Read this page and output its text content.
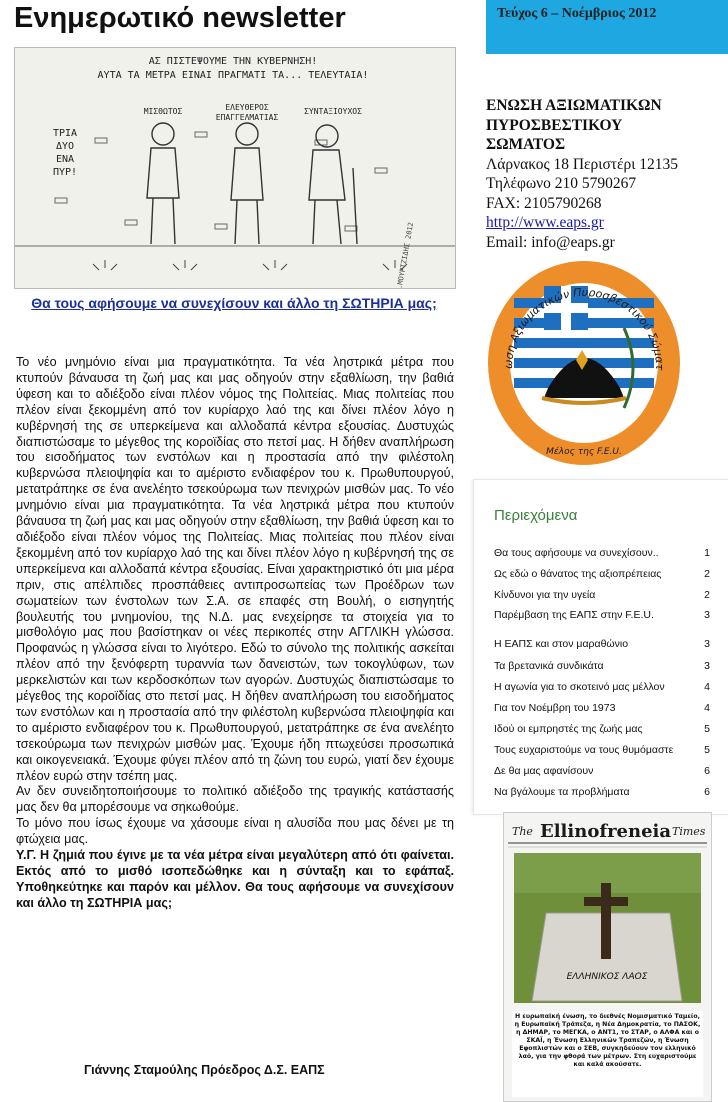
Ενημερωτικό newsletter	Τεύχος 6 – Νοέμβριος 2012
ΑΣ ΠΙΣΤΕΨΟΥΜΕ ΤΗΝ ΚΥΒΕΡΝΗΣΗ!
ΑΥΤΑ ΤΑ ΜΕΤΡΑ ΕΙΝΑΙ ΠΡΑΓΜΑΤΙ ΤΑ... ΤΕΛΕΥΤΑΙΑ!
ΜΙΣΘΩΤΟΣ	ΕΛΕΥΘΕΡΟΣ
ΕΠΑΓΓΕΛΜΑΤΙΑΣ
ΣΥΝΤΑΞΙΟΥΧΟΣ
ΤΡΙΑ
ΔΥΟ
ΕΝΑ
ΠΥΡ!
Σ.ΜΟΥΡΤΖΙΔΗΣ 2012
Θα τους αφήσουμε να συνεχίσουν και άλλο τη ΣΩΤΗΡΙΑ μας;

Το νέο μνημόνιο είναι μια πραγματικότητα. Τα νέα ληστρικά μέτρα που κτυπούν βάναυσα τη ζωή μας και μας οδηγούν στην εξαθλίωση, την βαθιά ύφεση και το αδιέξοδο είναι πλέον νόμος της Πολιτείας. Μιας πολιτείας που πλέον είναι ξεκομμένη από τον κυρίαρχο λαό της και δίνει πλέον λόγο η κυβέρνησή της σε υπερκείμενα και αλλοδαπά κέντρα εξουσίας. Δυστυχώς διαπιστώσαμε το μέγεθος της κοροϊδίας στο πετσί μας. Η δήθεν αναπλήρωση του εισοδήματος των ενστόλων και η προστασία από την φιλέστολη κυβερνώσα πλειοψηφία και το αμέριστο ενδιαφέρον του κ. Πρωθυπουργού, μετατράπηκε σε ένα ανελέητο τσεκούρωμα των πενιχρών μισθών μας. Το νέο μνημόνιο είναι μια πραγματικότητα. Τα νέα ληστρικά μέτρα που κτυπούν βάναυσα τη ζωή μας και μας οδηγούν στην εξαθλίωση, την βαθιά ύφεση και το αδιέξοδο είναι πλέον νόμος της Πολιτείας. Μιας πολιτείας που πλέον είναι ξεκομμένη από τον κυρίαρχο λαό της και δίνει πλέον λόγο η κυβέρνησή της σε υπερκείμενα και αλλοδαπά κέντρα εξουσίας. Είναι χαρακτηριστικό ότι μια μέρα πριν, στις απέλπιδες προσπάθειες αντιπροσωπείας των Προέδρων των σωματείων των ένστολων των Σ.Α. σε επαφές στη Βουλή, ο εισηγητής βουλευτής του μνημονίου, της Ν.Δ. μας ενεχείρησε τα στοιχεία για το μισθολόγιο μας που βασίστηκαν οι νέες περικοπές στην ΑΓΓΛΙΚΗ γλώσσα. Προφανώς η γλώσσα είναι το λιγότερο. Εδώ το σύνολο της πολιτικής ασκείται πλέον από την ξενόφερτη τυραννία των δανειστών, των τοκογλύφων, των μερκελιστών και των κερδοσκόπων των αγορών. Δυστυχώς διαπιστώσαμε το μέγεθος της κοροϊδίας στο πετσί μας. Η δήθεν αναπλήρωση του εισοδήματος των ενστόλων και η προστασία από την φιλέστολη κυβερνώσα πλειοψηφία και το αμέριστο ενδιαφέρον του κ. Πρωθυπουργού, μετατράπηκε σε ένα ανελέητο τσεκούρωμα των πενιχρών μισθών μας. Έχουμε ήδη πτωχεύσει προσωπικά και οικογενειακά. Έχουμε φύγει πλέον από τη ζώνη του ευρώ, γιατί δεν έχουμε πλέον ευρώ στην τσέπη μας.

Αν δεν συνειδητοποιήσουμε το πολιτικό αδιέξοδο της τραγικής κατάστασής μας δεν θα μπορέσουμε να σηκωθούμε.

Το μόνο που ίσως έχουμε να χάσουμε είναι η αλυσίδα που μας δένει με τη φτώχεια μας.

Υ.Γ. Η ζημιά που έγινε με τα νέα μέτρα είναι μεγαλύτερη από ότι φαίνεται. Εκτός από το μισθό ισοπεδώθηκε και η σύνταξη και το εφάπαξ. Υποθηκεύτηκε και παρόν και μέλλον. Θα τους αφήσουμε να συνεχίσουν και άλλο τη ΣΩΤΗΡΙΑ μας;

Γιάννης Σταμούλης Πρόεδρος Δ.Σ. ΕΑΠΣ
ΕΝΩΣΗ ΑΞΙΩΜΑΤΙΚΩΝ
ΠΥΡΟΣΒΕΣΤΙΚΟΥ
ΣΩΜΑΤΟΣ
Λάρνακος 18 Περιστέρι 12135
Τηλέφωνο 210 5790267
FAX: 2105790268
http://www.eaps.gr
Email: info@eaps.gr
ωση Αξιωματικών Πυροσβεστικού Σώματ
Μέλος της F.E.U.
Περιεχόμενα
Θα τους αφήσουμε να συνεχίσουν..	1
Ως εδώ ο θάνατος της αξιοπρέπειας	2
Κίνδυνοι για την υγεία	2
Παρέμβαση της ΕΑΠΣ στην F.E.U.	3
Η ΕΑΠΣ και στον μαραθώνιο	3
Τα βρετανικά συνδικάτα	3
Η αγωνία για το σκοτεινό μας μέλλον	4
Για τον Νοέμβρη του 1973	4
Ιδού οι εμπρηστές της ζωής μας	5
Τους ευχαριστούμε να τους θυμόμαστε	5
Δε θα μας αφανίσουν	6
Να βγάλουμε τα προβλήματα	6
The Ellinofreneia Times
ΕΛΛΗΝΙΚΟΣ ΛΑΟΣ
Η ευρωπαϊκή ένωση, το διεθνές Νομισματικό Ταμείο, η Ευρωπαϊκή Τράπεζα, η Νέα Δημοκρατία, το ΠΑΣΟΚ, η ΔΗΜΑΡ, το ΜΕΓΚΑ, ο ΑΝΤ1, το ΣΤΑΡ, ο ΑΛΦΑ και ο ΣΚΑΪ, η Ένωση Ελληνικών Τραπεζών, η Ένωση Εφοπλιστών και ο ΣΕΒ, συγκηδεύουν τον ελληνικό λαό, για την φθορά των μέτρων. Στη ευχαριστούμε και καλά ακούσατε.
